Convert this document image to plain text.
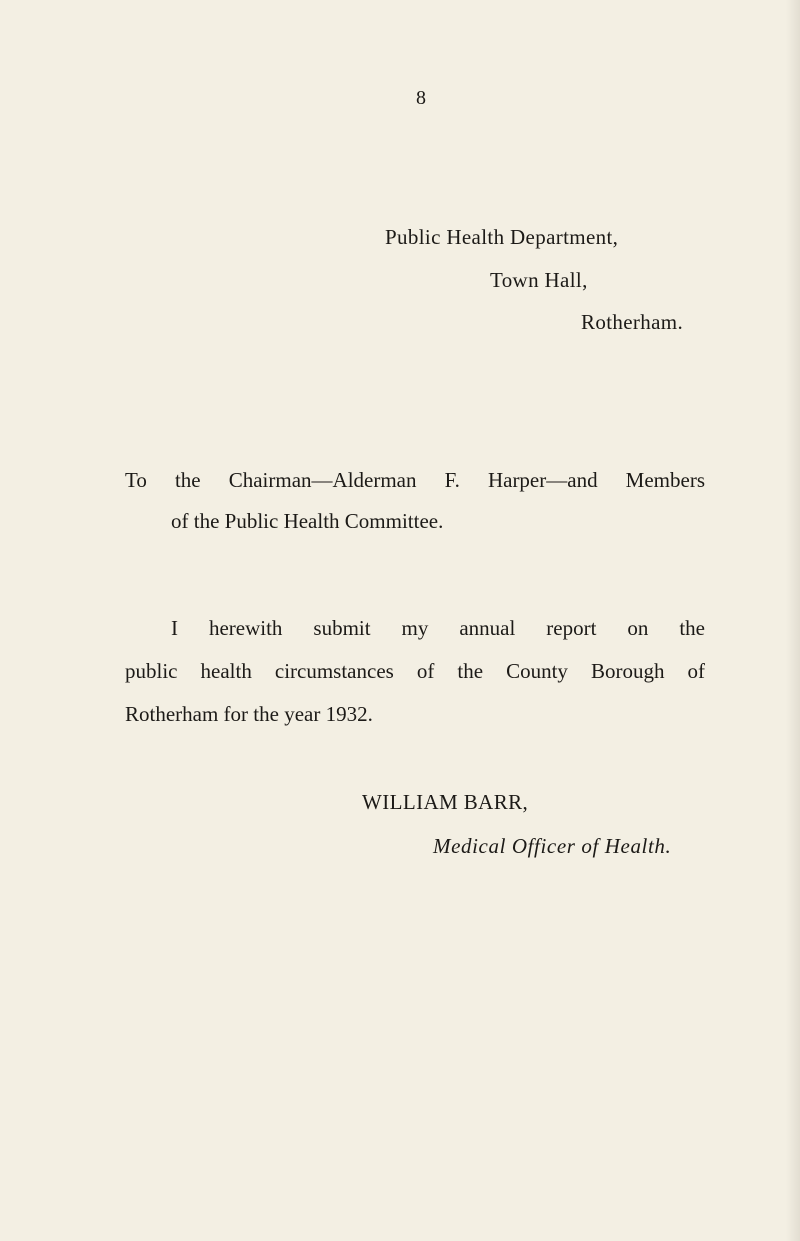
8
Public Health Department,
Town Hall,
Rotherham.
To the Chairman—Alderman F. Harper—and Members
of the Public Health Committee.
I herewith submit my annual report on the
public health circumstances of the County Borough of
Rotherham for the year 1932.
WILLIAM BARR,
Medical Officer of Health.
